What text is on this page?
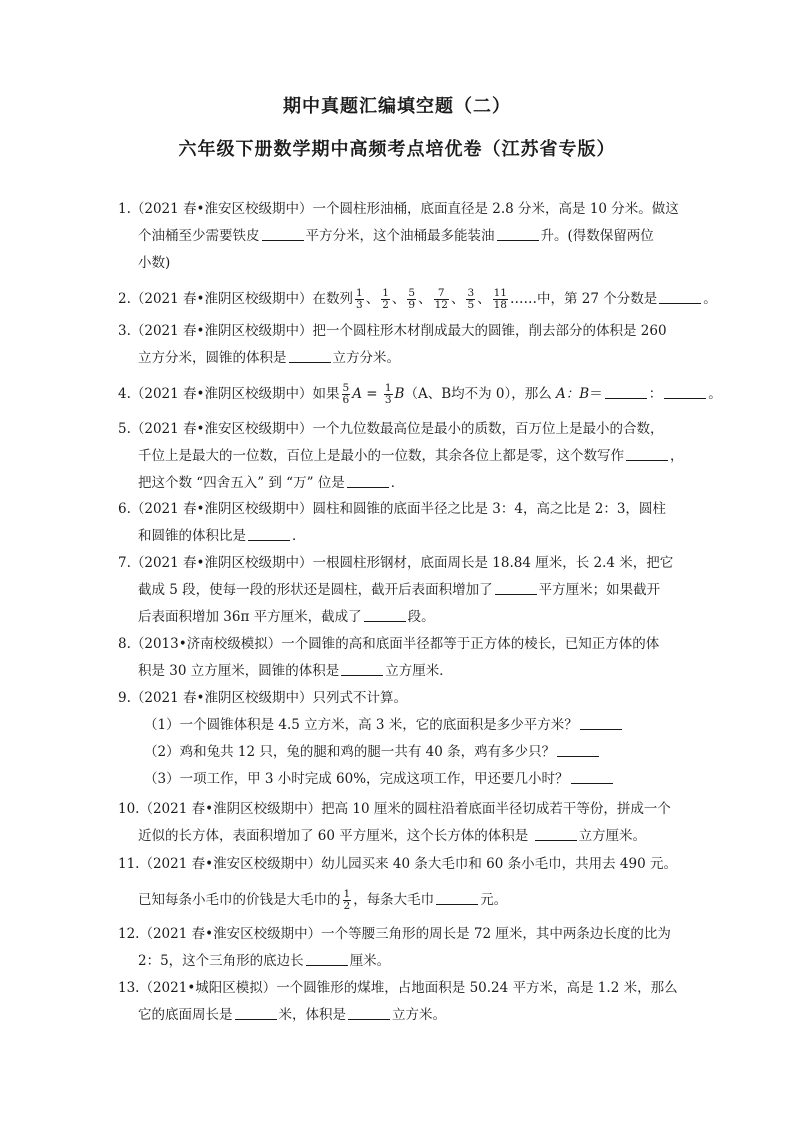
期中真题汇编填空题（二）
六年级下册数学期中高频考点培优卷（江苏省专版）
1.（2021 春•淮安区校级期中）一个圆柱形油桶，底面直径是 2.8 分米，高是 10 分米。做这
个油桶至少需要铁皮	平方分米，这个油桶最多能装油	升。(得数保留两位
小数)
2.（2021 春•淮阴区校级期中）在数列 $\frac{1}{3}$ 、 $\frac{1}{2}$ 、 $\frac{5}{9}$ 、 $\frac{7}{12}$ 、 $\frac{3}{5}$ 、 $\frac{11}{18}$ ……中，第 27 个分数是	。
3.（2021 春•淮阴区校级期中）把一个圆柱形木材削成最大的圆锥，削去部分的体积是 260
立方分米，圆锥的体积是	立方分米。
4.（2021 春•淮阴区校级期中）如果 $\frac{5}{6}$ $A = \frac{1}{3} B(A$、B均不为 0），那么 A：B＝	：	。
5.（2021 春•淮安区校级期中）一个九位数最高位是最小的质数，百万位上是最小的合数，
千位上是最大的一位数，百位上是最小的一位数，其余各位上都是零，这个数写作	，
把这个数 “四舍五入” 到 “万” 位是	．
6.（2021 春•淮阴区校级期中）圆柱和圆锥的底面半径之比是 3：4，高之比是 2：3，圆柱
和圆锥的体积比是	．
7.（2021 春•淮阴区校级期中）一根圆柱形钢材，底面周长是 18.84 厘米，长 2.4 米，把它
截成 5 段，使每一段的形状还是圆柱，截开后表面积增加了	平方厘米；如果截开
后表面积增加 36π 平方厘米，截成了	段。
8.（2013•济南校级模拟）一个圆锥的高和底面半径都等于正方体的棱长，已知正方体的体
积是 30 立方厘米，圆锥的体积是	立方厘米．
9.（2021 春•淮阴区校级期中）只列式不计算。
（1）一个圆锥体积是 4.5 立方米，高 3 米，它的底面积是多少平方米？
（2）鸡和兔共 12 只，兔的腿和鸡的腿一共有 40 条，鸡有多少只？
（3）一项工作，甲 3 小时完成 60%，完成这项工作，甲还要几小时？
10.（2021 春•淮阴区校级期中）把高 10 厘米的圆柱沿着底面半径切成若干等份，拼成一个
近似的长方体，表面积增加了 60 平方厘米，这个长方体的体积是	立方厘米。
11.（2021 春•淮安区校级期中）幼儿园买来 40 条大毛巾和 60 条小毛巾，共用去 490 元。
已知每条小毛巾的价钱是大毛巾的 $\frac{1}{2}$ ，每条大毛巾	元。
12.（2021 春•淮安区校级期中）一个等腰三角形的周长是 72 厘米，其中两条边长度的比为
2：5，这个三角形的底边长	厘米。
13.（2021•城阳区模拟）一个圆锥形的煤堆，占地面积是 50.24 平方米，高是 1.2 米，那么
它的底面周长是	米，体积是	立方米。
